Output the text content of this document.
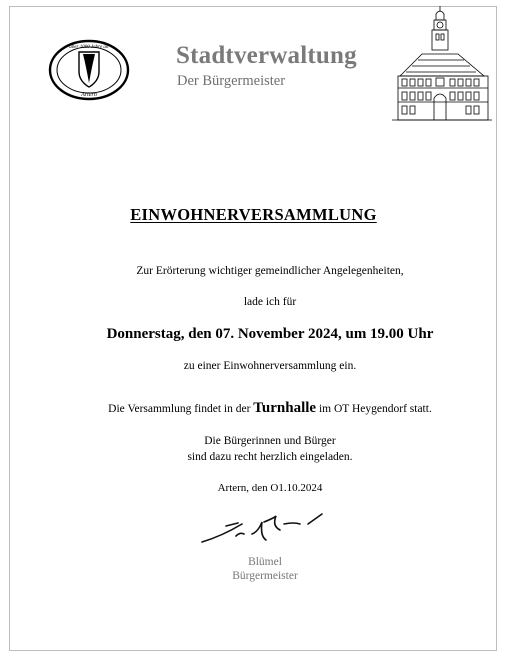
über 1000 Jahre alt
Artern
Stadtverwaltung
Der Bürgermeister
EINWOHNERVERSAMMLUNG
Zur Erörterung wichtiger gemeindlicher Angelegenheiten,
lade ich für
Donnerstag, den 07. November 2024, um 19.00 Uhr
zu einer Einwohnerversammlung ein.
Die Versammlung findet in der Turnhalle im OT Heygendorf statt.
Die Bürgerinnen und Bürger
sind dazu recht herzlich eingeladen.
Artern, den O1.10.2024
Blümel
Bürgermeister
